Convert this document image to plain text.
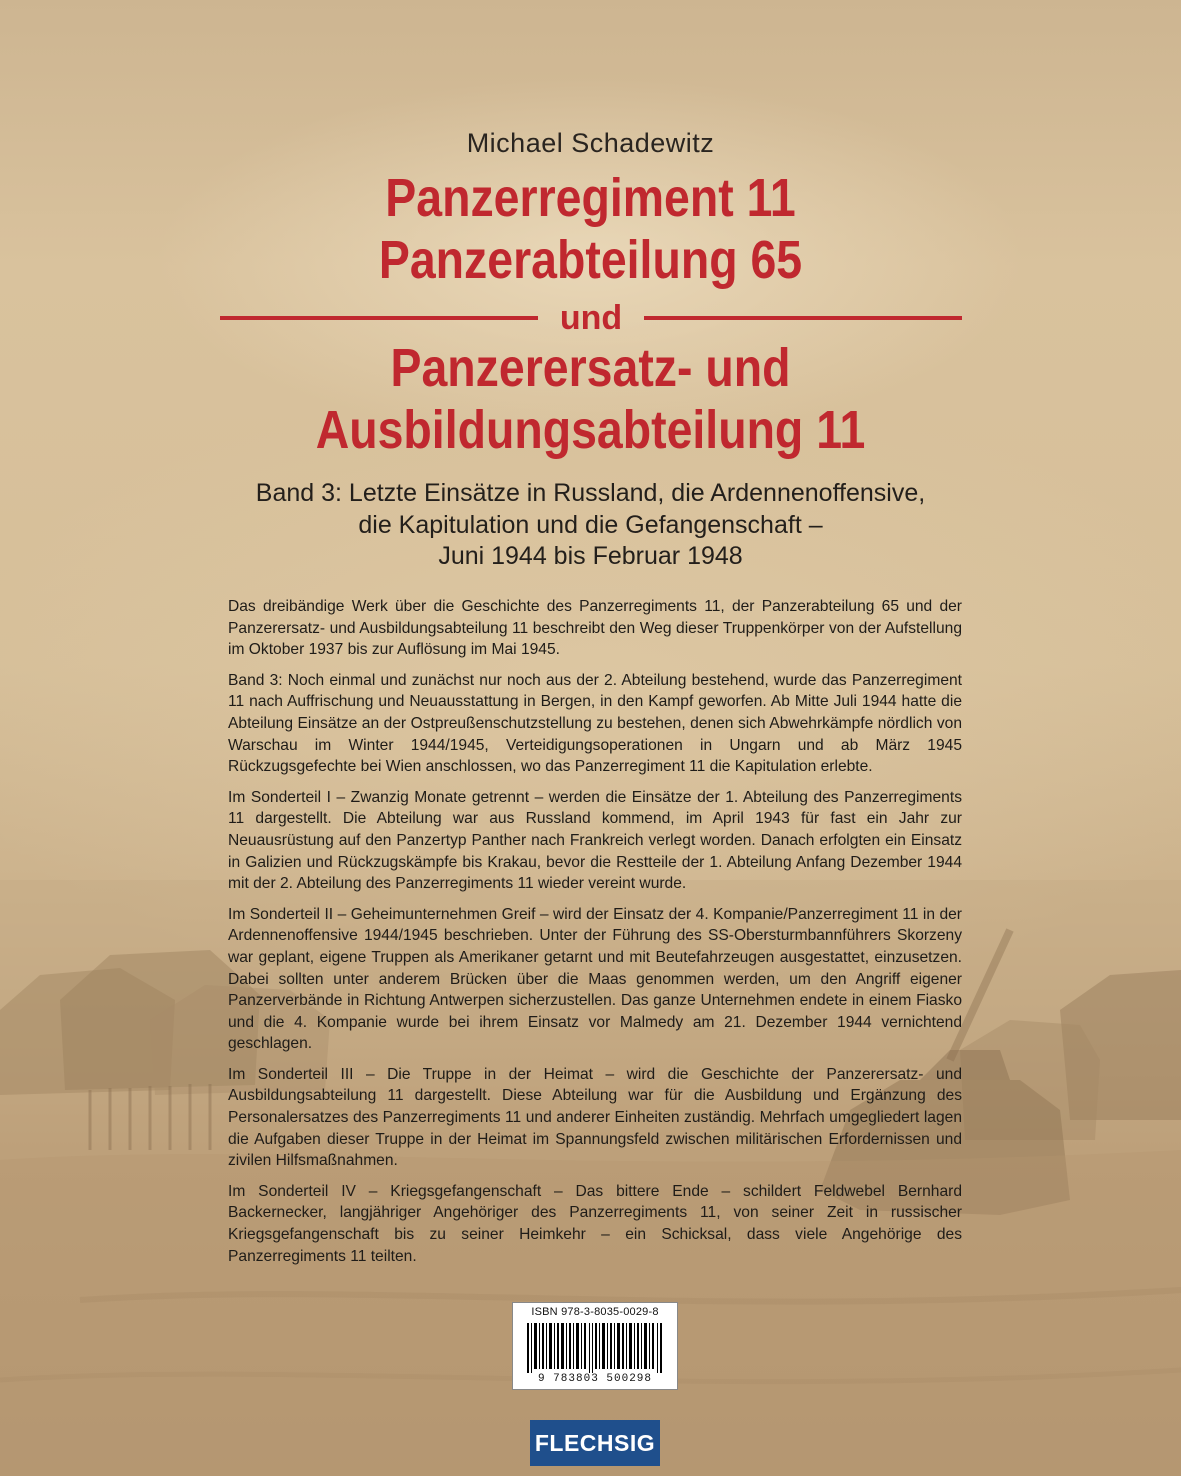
Michael Schadewitz
Panzerregiment 11
Panzerabteilung 65
und
Panzerersatz- und
Ausbildungsabteilung 11
Band 3: Letzte Einsätze in Russland, die Ardennenoffensive,
die Kapitulation und die Gefangenschaft –
Juni 1944 bis Februar 1948

Das dreibändige Werk über die Geschichte des Panzerregiments 11, der Panzerabteilung 65 und der Panzerersatz- und Ausbildungsabteilung 11 beschreibt den Weg dieser Truppenkörper von der Aufstellung im Oktober 1937 bis zur Auflösung im Mai 1945.

Band 3: Noch einmal und zunächst nur noch aus der 2. Abteilung bestehend, wurde das Panzerregiment 11 nach Auffrischung und Neuausstattung in Bergen, in den Kampf geworfen. Ab Mitte Juli 1944 hatte die Abteilung Einsätze an der Ostpreußenschutzstellung zu bestehen, denen sich Abwehrkämpfe nördlich von Warschau im Winter 1944/1945, Verteidigungsoperationen in Ungarn und ab März 1945 Rückzugsgefechte bei Wien anschlossen, wo das Panzerregiment 11 die Kapitulation erlebte.

Im Sonderteil I – Zwanzig Monate getrennt – werden die Einsätze der 1. Abteilung des Panzerregiments 11 dargestellt. Die Abteilung war aus Russland kommend, im April 1943 für fast ein Jahr zur Neuausrüstung auf den Panzertyp Panther nach Frankreich verlegt worden. Danach erfolgten ein Einsatz in Galizien und Rückzugskämpfe bis Krakau, bevor die Restteile der 1. Abteilung Anfang Dezember 1944 mit der 2. Abteilung des Panzerregiments 11 wieder vereint wurde.

Im Sonderteil II – Geheimunternehmen Greif – wird der Einsatz der 4. Kompanie/Panzerregiment 11 in der Ardennenoffensive 1944/1945 beschrieben. Unter der Führung des SS-Obersturmbannführers Skorzeny war geplant, eigene Truppen als Amerikaner getarnt und mit Beutefahrzeugen ausgestattet, einzusetzen. Dabei sollten unter anderem Brücken über die Maas genommen werden, um den Angriff eigener Panzerverbände in Richtung Antwerpen sicherzustellen. Das ganze Unternehmen endete in einem Fiasko und die 4. Kompanie wurde bei ihrem Einsatz vor Malmedy am 21. Dezember 1944 vernichtend geschlagen.

Im Sonderteil III – Die Truppe in der Heimat – wird die Geschichte der Panzerersatz- und Ausbildungsabteilung 11 dargestellt. Diese Abteilung war für die Ausbildung und Ergänzung des Personalersatzes des Panzerregiments 11 und anderer Einheiten zuständig. Mehrfach umgegliedert lagen die Aufgaben dieser Truppe in der Heimat im Spannungsfeld zwischen militärischen Erfordernissen und zivilen Hilfsmaßnahmen.

Im Sonderteil IV – Kriegsgefangenschaft – Das bittere Ende – schildert Feldwebel Bernhard Backernecker, langjähriger Angehöriger des Panzerregiments 11, von seiner Zeit in russischer Kriegsgefangenschaft bis zu seiner Heimkehr – ein Schicksal, dass viele Angehörige des Panzerregiments 11 teilten.

ISBN 978-3-8035-0029-8
9 783803 500298
FLECHSIG
